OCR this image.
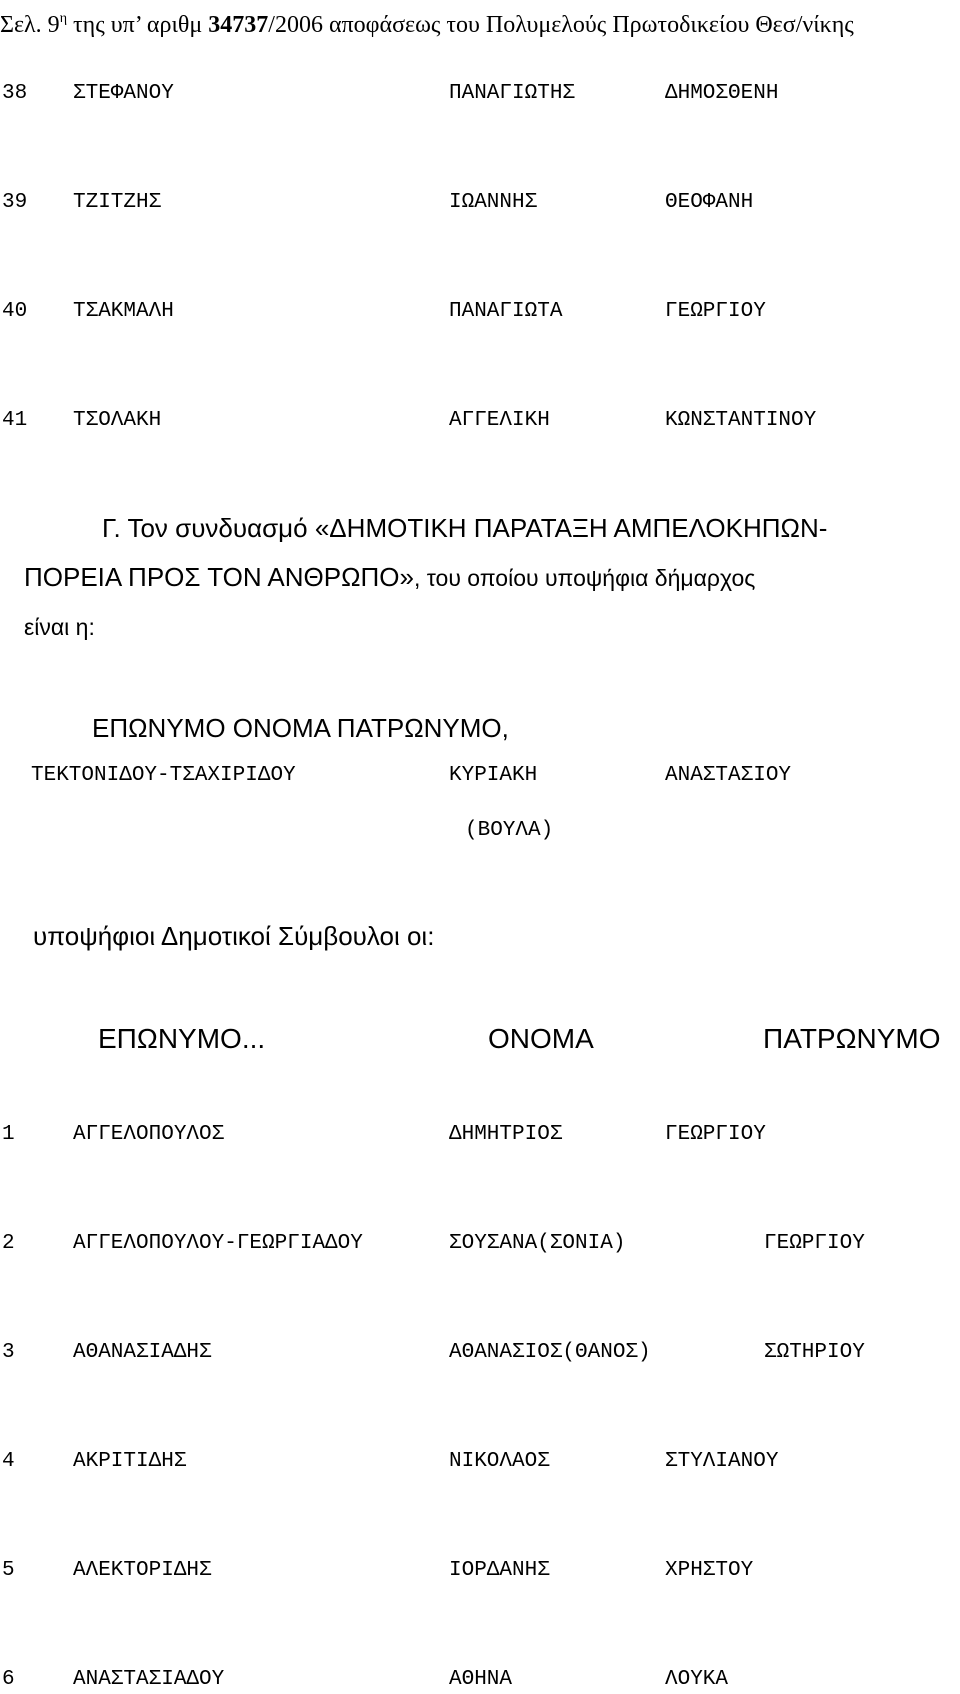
Σελ. $9^\eta$ της υπ’ αριθμ 34737/2006 αποφάσεως του Πολυμελούς Πρωτοδικείου Θεσ/νίκης
38 ΣΤΕΦΑΝΟΥ	ΠΑΝΑΓΙΩΤΗΣ	ΔΗΜΟΣΘΕΝΗ
39 ΤΖΙΤΖΗΣ	ΙΩΑΝΝΗΣ	ΘΕΟΦΑΝΗ
40 ΤΣΑΚΜΑΛΗ	ΠΑΝΑΓΙΩΤΑ	ΓΕΩΡΓΙΟΥ
41 ΤΣΟΛΑΚΗ	ΑΓΓΕΛΙΚΗ	ΚΩΝΣΤΑΝΤΙΝΟΥ
Γ. Τον συνδυασμό «ΔΗΜΟΤΙΚΗ ΠΑΡΑΤΑΞΗ ΑΜΠΕΛΟΚΗΠΩΝ-
ΠΟΡΕΙΑ ΠΡΟΣ ΤΟΝ ΑΝΘΡΩΠΟ», του οποίου υποψήφια δήμαρχος
είναι η:
ΕΠΩΝΥΜΟ ΟΝΟΜΑ ΠΑΤΡΩΝΥΜΟ,
ΤΕΚΤΟΝΙΔΟΥ-ΤΣΑΧΙΡΙΔΟΥ	ΚΥΡΙΑΚΗ	ΑΝΑΣΤΑΣΙΟΥ
(ΒΟΥΛΑ)
υποψήφιοι Δημοτικοί Σύμβουλοι οι:
ΕΠΩΝΥΜΟ...	ΟΝΟΜΑ	ΠΑΤΡΩΝΥΜΟ
1	ΑΓΓΕΛΟΠΟΥΛΟΣ	ΔΗΜΗΤΡΙΟΣ	ΓΕΩΡΓΙΟΥ
2	ΑΓΓΕΛΟΠΟΥΛΟΥ-ΓΕΩΡΓΙΑΔΟΥ	ΣΟΥΣΑΝΑ(ΣΟΝΙΑ)	ΓΕΩΡΓΙΟΥ
3	ΑΘΑΝΑΣΙΑΔΗΣ	ΑΘΑΝΑΣΙΟΣ(ΘΑΝΟΣ)	ΣΩΤΗΡΙΟΥ
4	ΑΚΡΙΤΙΔΗΣ	ΝΙΚΟΛΑΟΣ	ΣΤΥΛΙΑΝΟΥ
5	ΑΛΕΚΤΟΡΙΔΗΣ	ΙΟΡΔΑΝΗΣ	ΧΡΗΣΤΟΥ
6	ΑΝΑΣΤΑΣΙΑΔΟΥ	ΑΘΗΝΑ	ΛΟΥΚΑ
